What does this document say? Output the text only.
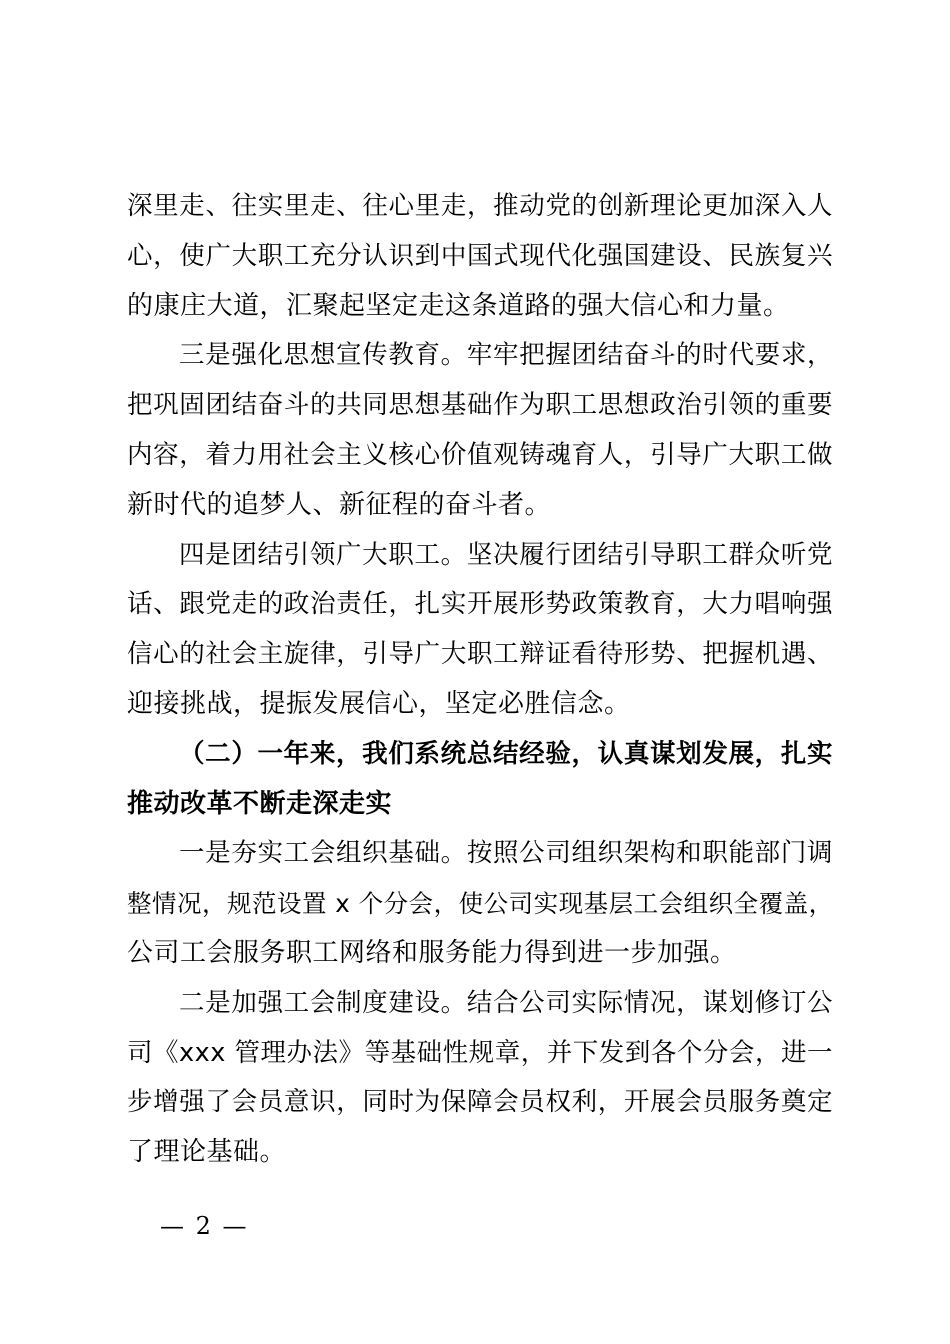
深里走、往实里走、往心里走，推动党的创新理论更加深入人
心，使广大职工充分认识到中国式现代化强国建设、民族复兴
的康庄大道，汇聚起坚定走这条道路的强大信心和力量。
三是强化思想宣传教育。牢牢把握团结奋斗的时代要求，
把巩固团结奋斗的共同思想基础作为职工思想政治引领的重要
内容，着力用社会主义核心价值观铸魂育人，引导广大职工做
新时代的追梦人、新征程的奋斗者。
四是团结引领广大职工。坚决履行团结引导职工群众听党
话、跟党走的政治责任，扎实开展形势政策教育，大力唱响强
信心的社会主旋律，引导广大职工辩证看待形势、把握机遇、
迎接挑战，提振发展信心，坚定必胜信念。
（二）一年来，我们系统总结经验，认真谋划发展，扎实
推动改革不断走深走实
一是夯实工会组织基础。按照公司组织架构和职能部门调
整情况，规范设置 x 个分会，使公司实现基层工会组织全覆盖，
公司工会服务职工网络和服务能力得到进一步加强。
二是加强工会制度建设。结合公司实际情况，谋划修订公
司《xxx 管理办法》等基础性规章，并下发到各个分会，进一
步增强了会员意识，同时为保障会员权利，开展会员服务奠定
了理论基础。
— 2 —
